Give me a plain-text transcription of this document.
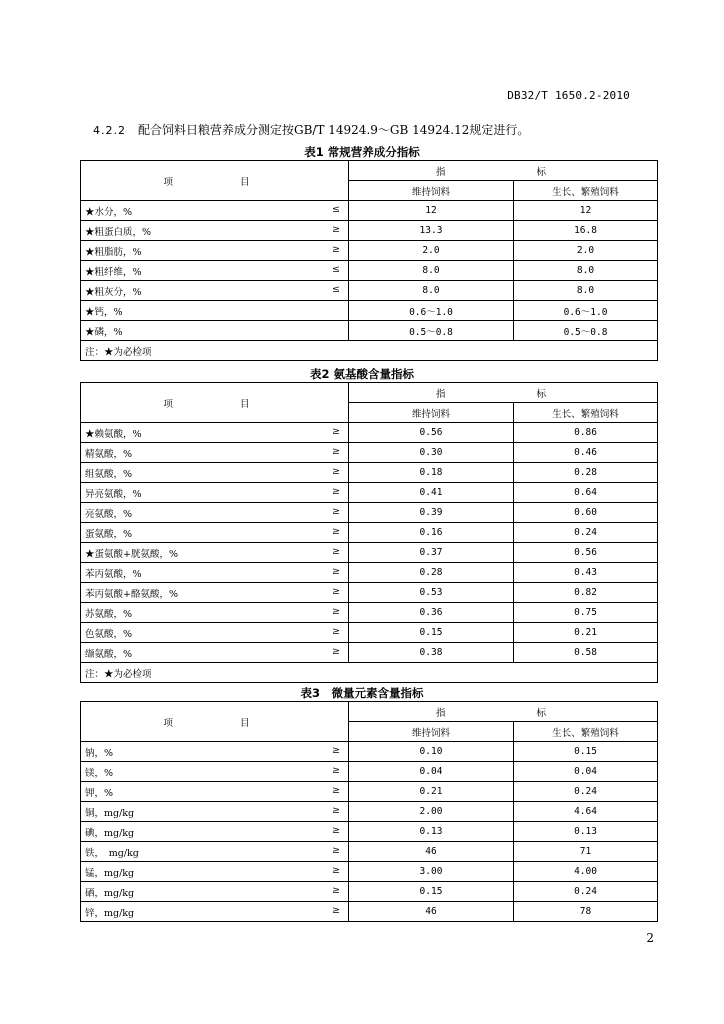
DB32/T 1650.2-2010
4.2.2 配合饲料日粮营养成分测定按GB/T 14924.9～GB 14924.12规定进行。
表1 常规营养成分指标
项　　目	指　　标	
	维持饲料	生长、繁殖饲料
★水分，% ≤	12	12
★粗蛋白质，% ≥	13.3	16.8
★粗脂肪，% ≥	2.0	2.0
★粗纤维，% ≤	8.0	8.0
★粗灰分，% ≤	8.0	8.0
★钙，%	0.6～1.0	0.6～1.0
★磷，%	0.5～0.8	0.5～0.8
注：★为必检项		
表2 氨基酸含量指标
项　　目	指　　标	
	维持饲料	生长、繁殖饲料
★赖氨酸，% ≥	0.56	0.86
精氨酸，% ≥	0.30	0.46
组氨酸，% ≥	0.18	0.28
异亮氨酸，% ≥	0.41	0.64
亮氨酸，% ≥	0.39	0.60
蛋氨酸，% ≥	0.16	0.24
★蛋氨酸+胱氨酸，% ≥	0.37	0.56
苯丙氨酸，% ≥	0.28	0.43
苯丙氨酸+酪氨酸，% ≥	0.53	0.82
苏氨酸，% ≥	0.36	0.75
色氨酸，% ≥	0.15	0.21
缬氨酸，% ≥	0.38	0.58
注：★为必检项		
表3　微量元素含量指标
项　　目	指　　标	
	维持饲料	生长、繁殖饲料
钠，% ≥	0.10	0.15
镁，% ≥	0.04	0.04
钾，% ≥	0.21	0.24
铜，mg/kg ≥	2.00	4.64
碘，mg/kg ≥	0.13	0.13
铁，　mg/kg ≥	46	71
锰，mg/kg ≥	3.00	4.00
硒，mg/kg ≥	0.15	0.24
锌，mg/kg ≥	46	78
2
